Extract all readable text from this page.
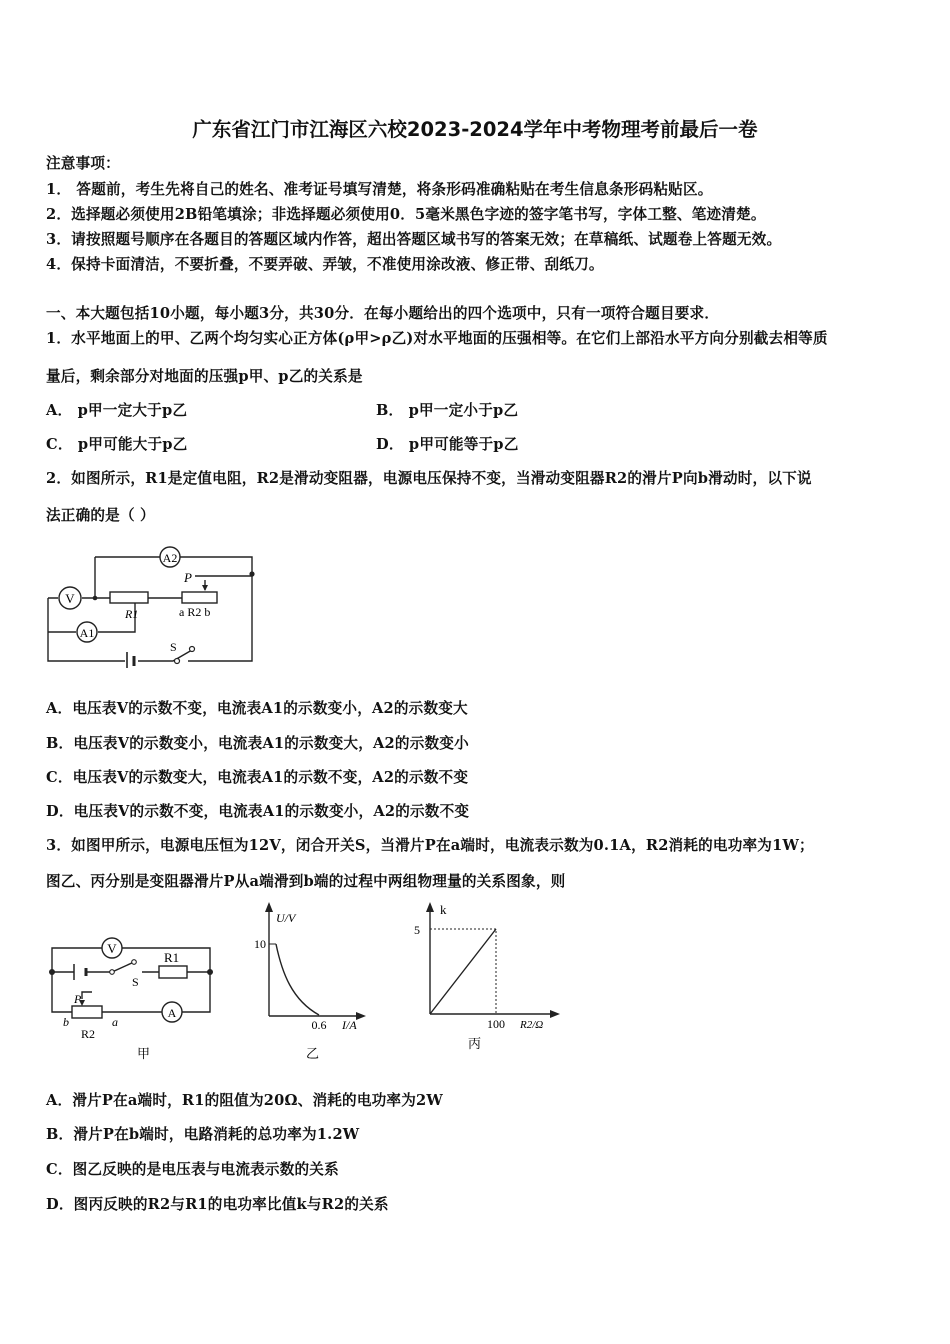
广东省江门市江海区六校2023-2024学年中考物理考前最后一卷
注意事项：
1． 答题前，考生先将自己的姓名、准考证号填写清楚，将条形码准确粘贴在考生信息条形码粘贴区。
2．选择题必须使用2B铅笔填涂；非选择题必须使用0．5毫米黑色字迹的签字笔书写，字体工整、笔迹清楚。
3．请按照题号顺序在各题目的答题区域内作答，超出答题区域书写的答案无效；在草稿纸、试题卷上答题无效。
4．保持卡面清洁，不要折叠，不要弄破、弄皱，不准使用涂改液、修正带、刮纸刀。
一、本大题包括10小题，每小题3分，共30分．在每小题给出的四个选项中，只有一项符合题目要求．
1．水平地面上的甲、乙两个均匀实心正方体(ρ甲>ρ乙)对水平地面的压强相等。在它们上部沿水平方向分别截去相等质
量后，剩余部分对地面的压强p甲、p乙的关系是
A． p甲一定大于p乙	B． p甲一定小于p乙
C． p甲可能大于p乙	D． p甲可能等于p乙
2．如图所示，R1是定值电阻，R2是滑动变阻器，电源电压保持不变，当滑动变阻器R2的滑片P向b滑动时，以下说
法正确的是（ ）
A2
V
R1
P
a R2 b
A1
S
A．电压表V的示数不变，电流表A1的示数变小，A2的示数变大
B．电压表V的示数变小，电流表A1的示数变大，A2的示数变小
C．电压表V的示数变大，电流表A1的示数不变，A2的示数不变
D．电压表V的示数不变，电流表A1的示数变小，A2的示数不变
3．如图甲所示，电源电压恒为12V，闭合开关S，当滑片P在a端时，电流表示数为0.1A，R2消耗的电功率为1W；
图乙、丙分别是变阻器滑片P从a端滑到b端的过程中两组物理量的关系图象，则
V
R1
S
P
A
b
R2
a
甲
U/V
10
0.6 I/A
乙
k
5
100 R2/Ω
丙
A．滑片P在a端时，R1的阻值为20Ω、消耗的电功率为2W
B．滑片P在b端时，电路消耗的总功率为1.2W
C．图乙反映的是电压表与电流表示数的关系
D．图丙反映的R2与R1的电功率比值k与R2的关系
